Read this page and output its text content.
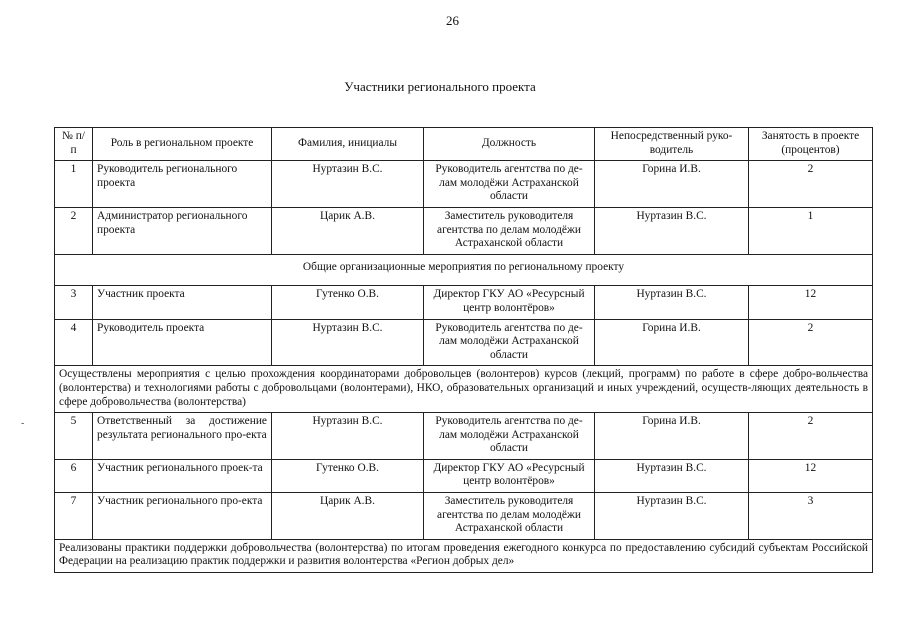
26
Участники регионального проекта
-
№ п/п	Роль в региональном проекте	Фамилия, инициалы	Должность	Непосредственный руко-водитель	Занятость в проекте (процентов)
1	Руководитель регионального проекта	Нуртазин В.С.	Руководитель агентства по де-лам молодёжи Астраханской области	Горина И.В.	2
2	Администратор регионального проекта	Царик А.В.	Заместитель руководителя агентства по делам молодёжи Астраханской области	Нуртазин В.С.	1
Общие организационные мероприятия по региональному проекту					
3	Участник проекта	Гутенко О.В.	Директор ГКУ АО «Ресурсный центр волонтёров»	Нуртазин В.С.	12
4	Руководитель проекта	Нуртазин В.С.	Руководитель агентства по де-лам молодёжи Астраханской области	Горина И.В.	2
Осуществлены мероприятия с целью прохождения координаторами добровольцев (волонтеров) курсов (лекций, программ) по работе в сфере добро-вольчества (волонтерства) и технологиями работы с добровольцами (волонтерами), НКО, образовательных организаций и иных учреждений, осуществ-ляющих деятельность в сфере добровольчества (волонтерства)					
5	Ответственный за достижение результата регионального про-екта	Нуртазин В.С.	Руководитель агентства по де-лам молодёжи Астраханской области	Горина И.В.	2
6	Участник регионального проек-та	Гутенко О.В.	Директор ГКУ АО «Ресурсный центр волонтёров»	Нуртазин В.С.	12
7	Участник регионального про-екта	Царик А.В.	Заместитель руководителя агентства по делам молодёжи Астраханской области	Нуртазин В.С.	3
Реализованы практики поддержки добровольчества (волонтерства) по итогам проведения ежегодного конкурса по предоставлению субсидий субъектам Российской Федерации на реализацию практик поддержки и развития волонтерства «Регион добрых дел»					
